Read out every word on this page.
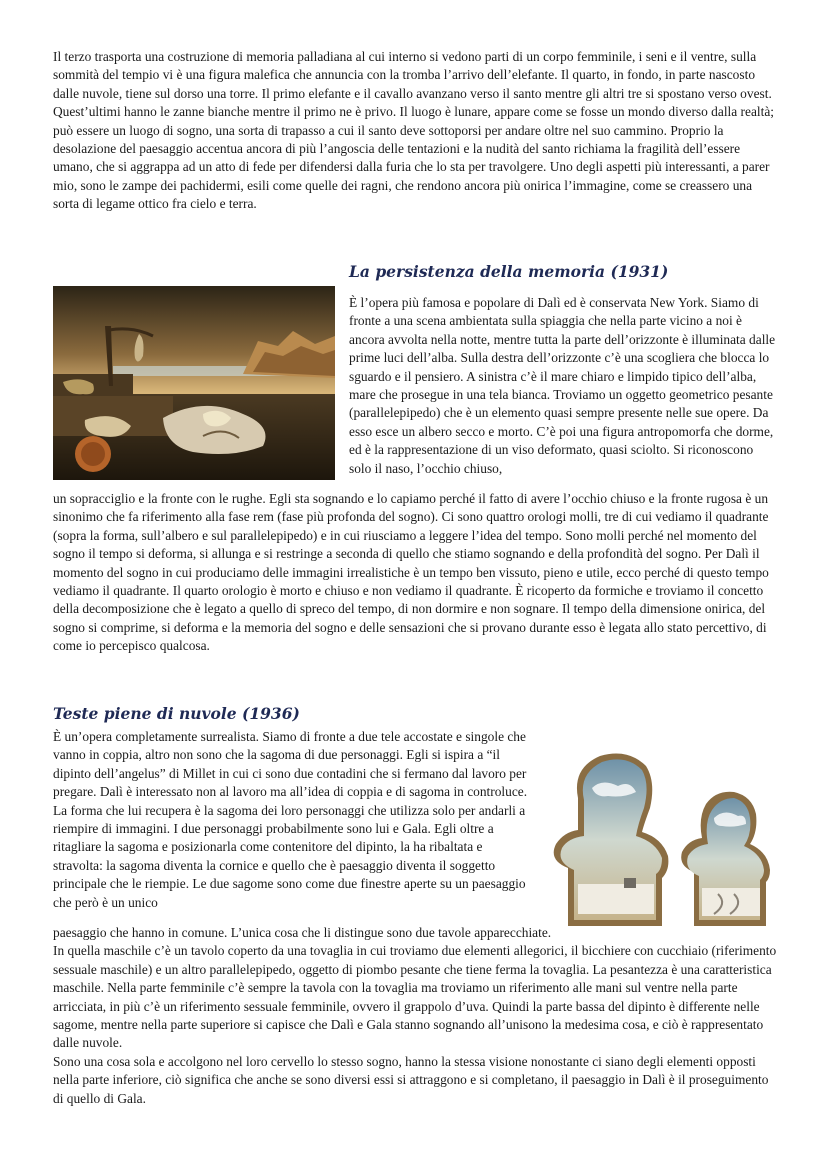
Il terzo trasporta una costruzione di memoria palladiana al cui interno si vedono parti di un corpo femminile, i seni e il ventre, sulla sommità del tempio vi è una figura malefica che annuncia con la tromba l’arrivo dell’elefante. Il quarto, in fondo, in parte nascosto dalle nuvole, tiene sul dorso una torre. Il primo elefante e il cavallo avanzano verso il santo mentre gli altri tre si spostano verso ovest. Quest’ultimi hanno le zanne bianche mentre il primo ne è privo. Il luogo è lunare, appare come se fosse un mondo diverso dalla realtà; può essere un luogo di sogno, una sorta di trapasso a cui il santo deve sottoporsi per andare oltre nel suo cammino. Proprio la desolazione del paesaggio accentua ancora di più l’angoscia delle tentazioni e la nudità del santo richiama la fragilità dell’essere umano, che si aggrappa ad un atto di fede per difendersi dalla furia che lo sta per travolgere. Uno degli aspetti più interessanti, a parer mio, sono le zampe dei pachidermi, esili come quelle dei ragni, che rendono ancora più onirica l’immagine, come se creassero una sorta di legame ottico fra cielo e terra.

La persistenza della memoria (1931)

È l’opera più famosa e popolare di Dalì ed è conservata New York. Siamo di fronte a una scena ambientata sulla spiaggia che nella parte vicino a noi è ancora avvolta nella notte, mentre tutta la parte dell’orizzonte è illuminata dalle prime luci dell’alba. Sulla destra dell’orizzonte c’è una scogliera che blocca lo sguardo e il pensiero. A sinistra c’è il mare chiaro e limpido tipico dell’alba, mare che prosegue in una tela bianca. Troviamo un oggetto geometrico pesante (parallelepipedo) che è un elemento quasi sempre presente nelle sue opere. Da esso esce un albero secco e morto. C’è poi una figura antropomorfa che dorme, ed è la rappresentazione di un viso deformato, quasi sciolto. Si riconoscono solo il naso, l’occhio chiuso,

un sopracciglio e la fronte con le rughe. Egli sta sognando e lo capiamo perché il fatto di avere l’occhio chiuso e la fronte rugosa è un sinonimo che fa riferimento alla fase rem (fase più profonda del sogno). Ci sono quattro orologi molli, tre di cui vediamo il quadrante (sopra la forma, sull’albero e sul parallelepipedo) e in cui riusciamo a leggere l’idea del tempo. Sono molli perché nel momento del sogno il tempo si deforma, si allunga e si restringe a seconda di quello che stiamo sognando e della profondità del sogno. Per Dalì il momento del sogno in cui produciamo delle immagini irrealistiche è un tempo ben vissuto, pieno e utile, ecco perché di questo tempo vediamo il quadrante. Il quarto orologio è morto e chiuso e non vediamo il quadrante. È ricoperto da formiche e troviamo il concetto della decomposizione che è legato a quello di spreco del tempo, di non dormire e non sognare. Il tempo della dimensione onirica, del sogno si comprime, si deforma e la memoria del sogno e delle sensazioni che si provano durante esso è legata allo stato percettivo, di come io percepisco qualcosa.

Teste piene di nuvole (1936)

È un’opera completamente surrealista. Siamo di fronte a due tele accostate e singole che vanno in coppia, altro non sono che la sagoma di due personaggi. Egli si ispira a “il dipinto dell’angelus” di Millet in cui ci sono due contadini che si fermano dal lavoro per pregare. Dalì è interessato non al lavoro ma all’idea di coppia e di sagoma in controluce. La forma che lui recupera è la sagoma dei loro personaggi che utilizza solo per andarli a riempire di immagini. I due personaggi probabilmente sono lui e Gala. Egli oltre a ritagliare la sagoma e posizionarla come contenitore del dipinto, la ha ribaltata e stravolta: la sagoma diventa la cornice e quello che è paesaggio diventa il soggetto principale che le riempie. Le due sagome sono come due finestre aperte su un paesaggio che però è un unico

paesaggio che hanno in comune. L’unica cosa che li distingue sono due tavole apparecchiate.
In quella maschile c’è un tavolo coperto da una tovaglia in cui troviamo due elementi allegorici, il bicchiere con cucchiaio (riferimento sessuale maschile) e un altro parallelepipedo, oggetto di piombo pesante che tiene ferma la tovaglia. La pesantezza è una caratteristica maschile. Nella parte femminile c’è sempre la tavola con la tovaglia ma troviamo un riferimento alle mani sul ventre nella parte arricciata, in più c’è un riferimento sessuale femminile, ovvero il grappolo d’uva. Quindi la parte bassa del dipinto è differente nelle sagome, mentre nella parte superiore si capisce che Dalì e Gala stanno sognando all’unisono la medesima cosa, e ciò è rappresentato dalle nuvole.
Sono una cosa sola e accolgono nel loro cervello lo stesso sogno, hanno la stessa visione nonostante ci siano degli elementi opposti nella parte inferiore, ciò significa che anche se sono diversi essi si attraggono e si completano, il paesaggio in Dalì è il proseguimento di quello di Gala.
